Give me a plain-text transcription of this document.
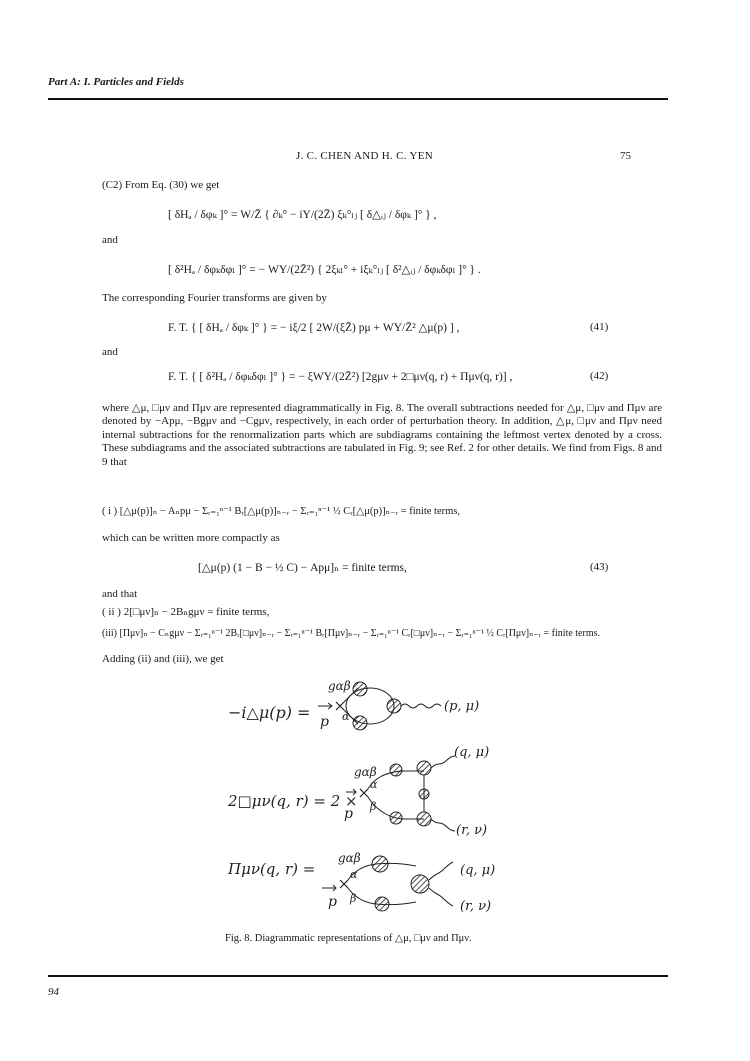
Part A: I. Particles and Fields
J. C. CHEN AND H. C. YEN	75
(C2) From Eq. (30) we get
[ δHₐ / δφₖ ]° = W/Z̄ { ∂ₖ° − iY/(2Z̄) ξₖ°ₗⱼ [ δ△ᵢⱼ / δφₖ ]° } ,
and
[ δ²Hₐ / δφₖδφₗ ]° = − WY/(2Z̄²) { 2ξₖₗ° + iξₖ°ₗⱼ [ δ²△ᵢⱼ / δφₖδφₗ ]° } .
The corresponding Fourier transforms are given by
F. T. { [ δHₐ / δφₖ ]° } = − iξ/2 [ 2W/(ξZ̄) pμ + WY/Z̄² △μ(p) ] ,	(41)
and
F. T. { [ δ²Hₐ / δφₖδφₗ ]° } = − ξWY/(2Z̄²) [2gμν + 2□μν(q, r) + Πμν(q, r)] ,	(42)
where △μ, □μν and Πμν are represented diagrammatically in Fig. 8. The overall subtractions needed for △μ, □μν and Πμν are denoted by −Apμ, −Bgμν and −Cgμν, respectively, in each order of perturbation theory. In addition, △μ, □μν and Πμν need internal subtractions for the renormalization parts which are subdiagrams containing the leftmost vertex denoted by a cross. These subdiagrams and the associated subtractions are tabulated in Fig. 9; see Ref. 2 for other details. We find from Figs. 8 and 9 that
( i ) [△μ(p)]ₙ − Aₙpμ − Σᵣ₌₁ⁿ⁻¹ Bᵣ[△μ(p)]ₙ₋ᵣ − Σᵣ₌₁ⁿ⁻¹ ½ Cᵣ[△μ(p)]ₙ₋ᵣ = finite terms,
which can be written more compactly as
[△μ(p) (1 − B − ½ C) − Apμ]ₙ = finite terms,	(43)
and that
( ii ) 2[□μν]ₙ − 2Bₙgμν = finite terms,
(iii) [Πμν]ₙ − Cₙgμν − Σᵣ₌₁ⁿ⁻¹ 2Bᵣ[□μν]ₙ₋ᵣ − Σᵣ₌₁ⁿ⁻¹ Bᵣ[Πμν]ₙ₋ᵣ − Σᵣ₌₁ⁿ⁻¹ Cᵣ[□μν]ₙ₋ᵣ − Σᵣ₌₁ⁿ⁻¹ ½ Cᵣ[Πμν]ₙ₋ᵣ = finite terms.
Adding (ii) and (iii), we get
−i△μ(p) = p
gαβ
α
(p, μ)
2□μν(q, r) = 2 ×
p
gαβ
α
β
(q, μ)
(r, ν)
Πμν(q, r) =
p
gαβ
α
β
(q, μ)
(r, ν)
Fig. 8. Diagrammatic representations of △μ, □μν and Πμν.
94
